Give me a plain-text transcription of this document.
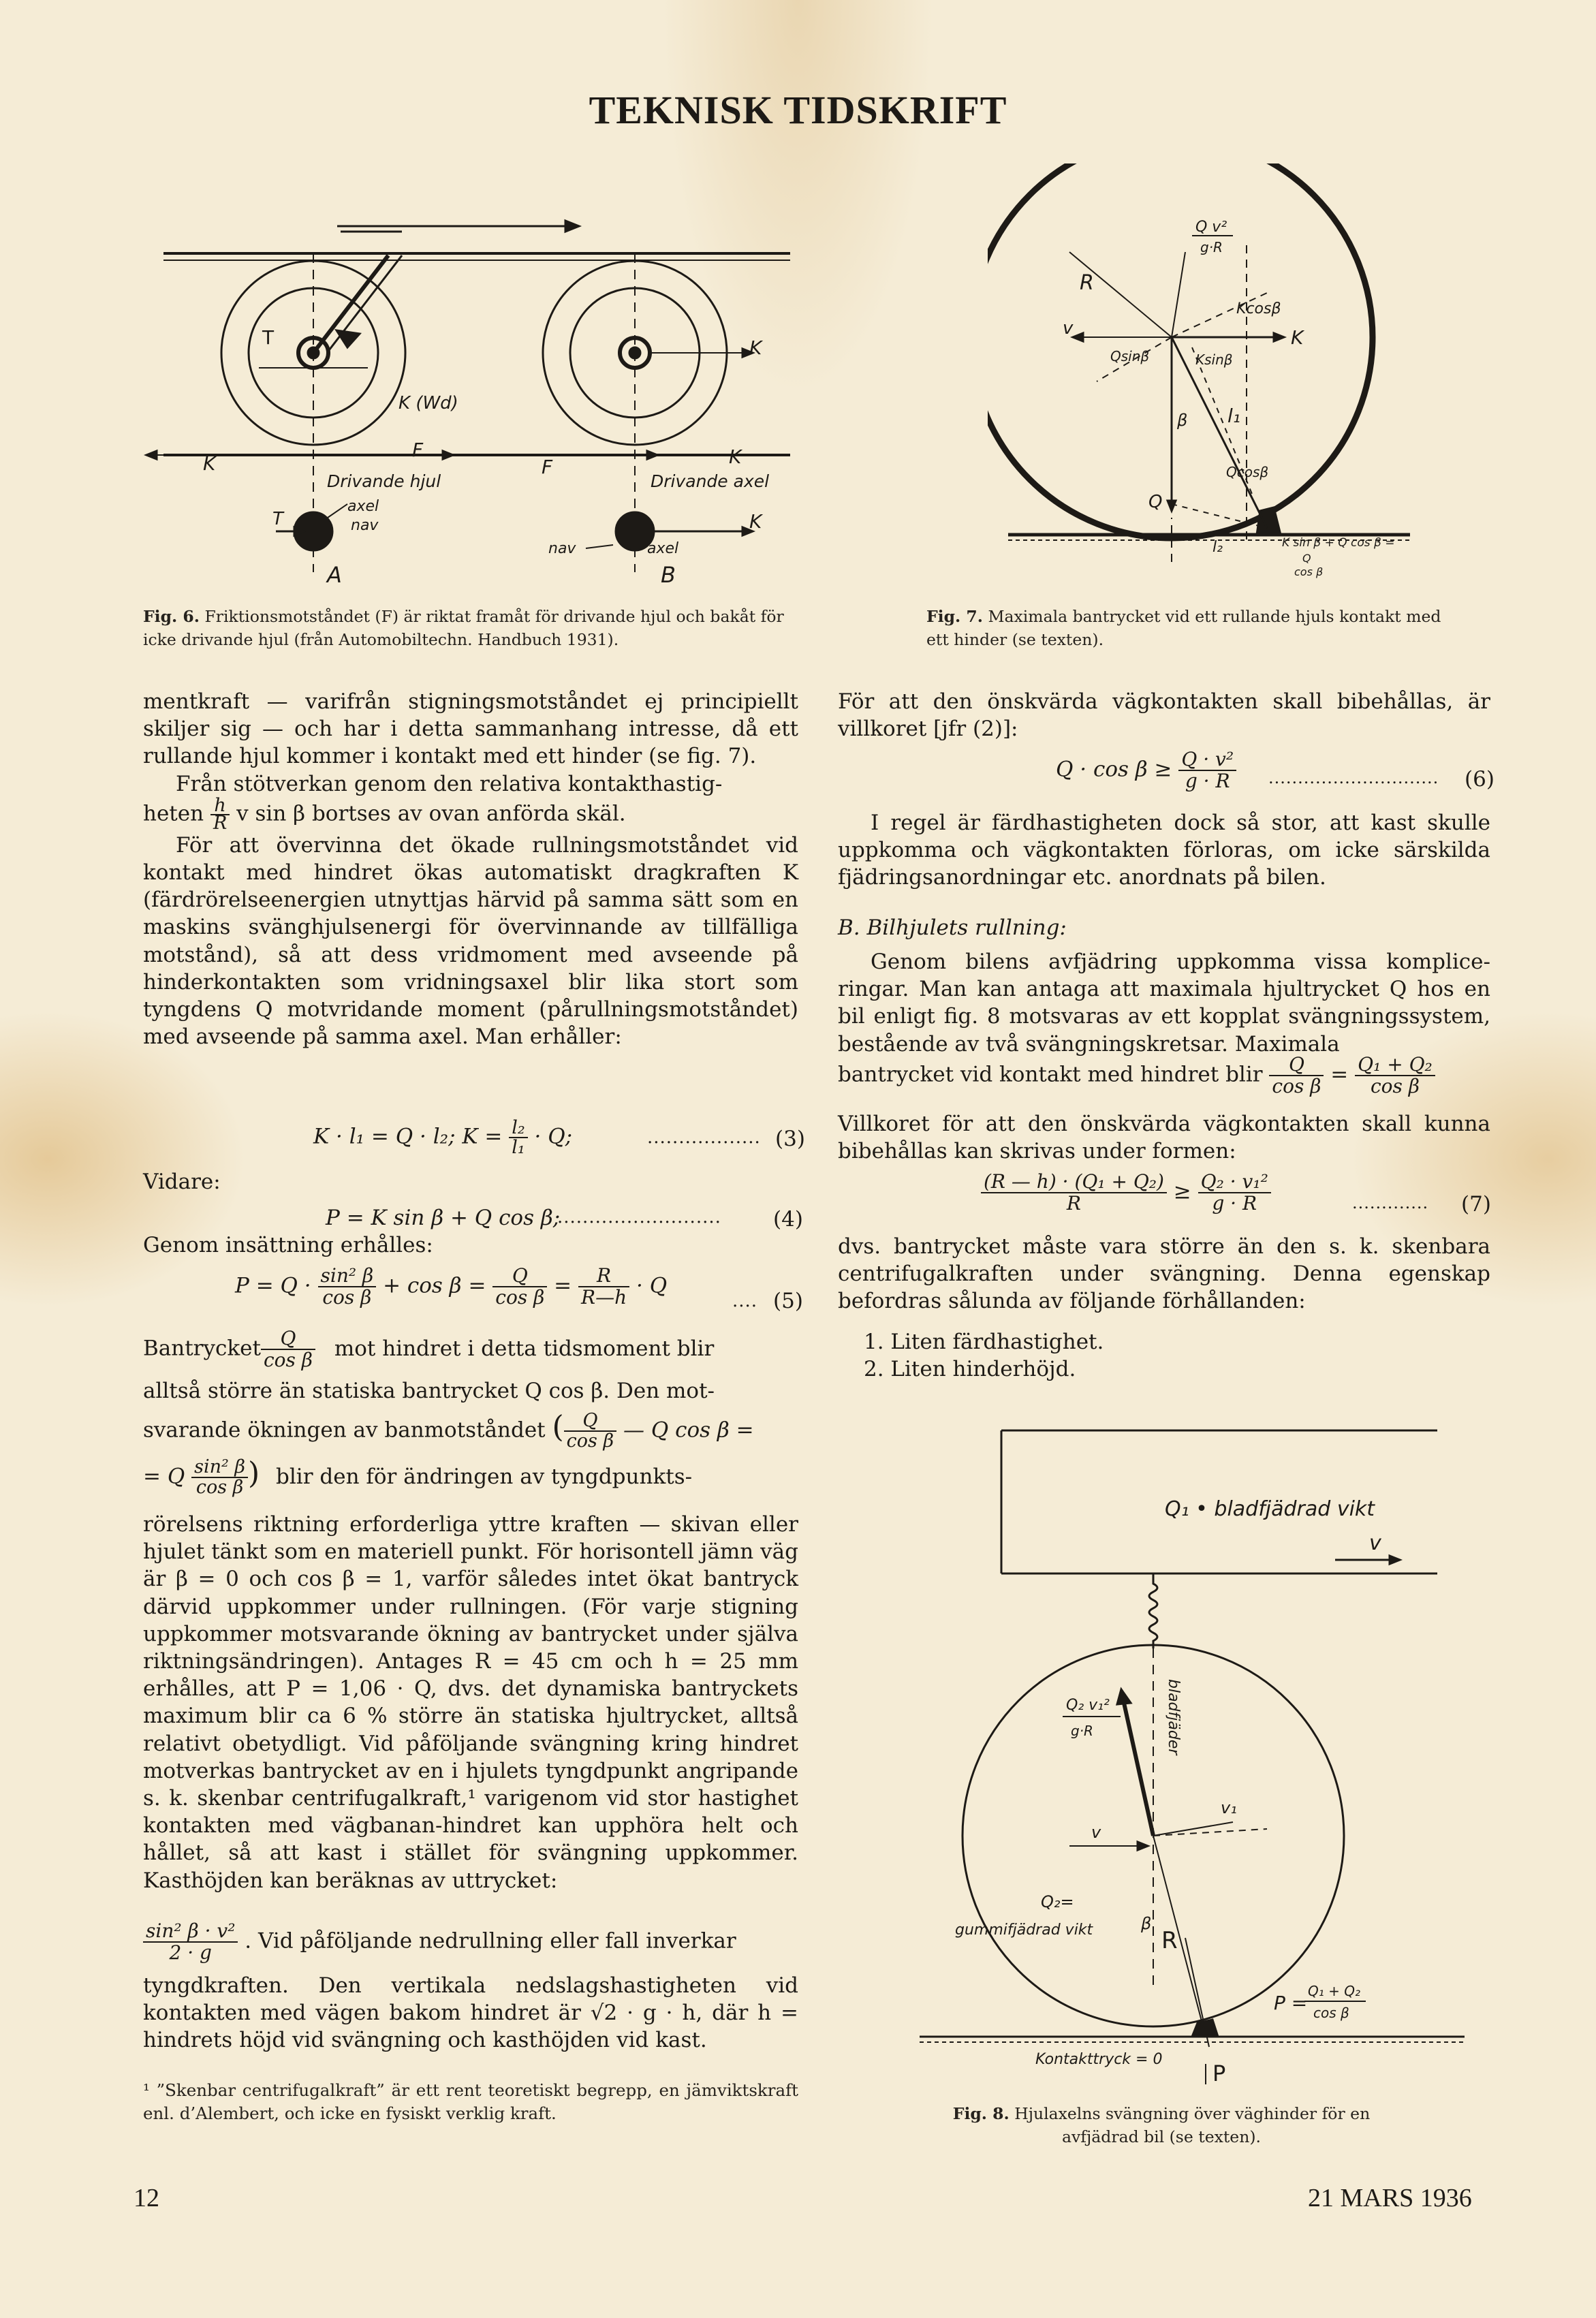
TEKNISK TIDSKRIFT
T
K (Wd)
K
K
F
F	K
Drivande hjul	Drivande axel
axel
nav
T
nav	axel
K
A	B
Fig. 6. Friktionsmotståndet (F) är riktat framåt för drivande hjul och bakåt för icke drivande hjul (från Automobiltechn. Handbuch 1931).
Q v²
g·R
R
v
Kcosβ
K
Qsinβ	Ksinβ
β l₁
Qcosβ
Q
l₂	K sin β + Q cos β =
Q
cos β
Fig. 7. Maximala bantrycket vid ett rullande hjuls kontakt med ett hinder (se texten).

mentkraft — varifrån stigningsmotståndet ej principiellt skiljer sig — och har i detta sammanhang intresse, då ett rullande hjul kommer i kontakt med ett hinder (se fig. 7).

Från stötverkan genom den relativa kontakthastig-

heten $\frac{h}{R}$ v sin β bortses av ovan anförda skäl.

För att övervinna det ökade rullningsmotståndet vid kontakt med hindret ökas automatiskt dragkraften K (färdrörelseenergien utnyttjas härvid på samma sätt som en maskins svänghjulsenergi för övervinnande av tillfälliga motstånd), så att dess vridmoment med avseende på hinderkontakten som vridningsaxel blir lika stort som tyngdens Q motvridande moment (pårullningsmotståndet) med avseende på samma axel. Man erhåller:

K · l₁ = Q · l₂; $K = \frac{\text{l₂}}{\text{l₁}} \cdot Q$;	.................. (3)
Vidare:
P = K sin β + Q cos β;
.......................... (4)
Genom insättning erhålles:
$P = Q \cdot \frac{\text{sin² β}}{\text{cos β}} + \cos \beta = \frac{Q}{\text{cos β}} = \frac{R}{R—h} \cdot Q$
.... (5)
Bantrycket $\frac{Q}{\text{cos β}}$ mot hindret i detta tidsmoment blir
alltså större än statiska bantrycket Q cos β. Den mot-
svarande ökningen av banmotståndet ( $\frac{Q}{\text{cos β}}$ — Q cos β =
= Q $\frac{\text{sin² β}}{\text{cos β}}$ ) blir den för ändringen av tyngdpunkts-
rörelsens riktning erforderliga yttre kraften — skivan eller hjulet tänkt som en materiell punkt. För horisontell jämn väg är β = 0 och cos β = 1, varför således intet ökat bantryck därvid uppkommer under rullningen. (För varje stigning uppkommer motsvarande ökning av bantrycket under själva riktningsändringen). Antages R = 45 cm och h = 25 mm erhålles, att P = 1,06 · Q, dvs. det dynamiska bantryckets maximum blir ca 6 % större än statiska hjultrycket, alltså relativt obetydligt. Vid påföljande svängning kring hindret motverkas bantrycket av en i hjulets tyngdpunkt angripande s. k. skenbar centrifugalkraft,¹ varigenom vid stor hastighet kontakten med vägbanan-hindret kan upphöra helt och hållet, så att kast i stället för svängning uppkommer. Kasthöjden kan beräknas av uttrycket:
$\frac{\text{sin² β · v²}}{2 \cdot g}$ . Vid påföljande nedrullning eller fall inverkar
tyngdkraften. Den vertikala nedslagshastigheten vid kontakten med vägen bakom hindret är √2 · g · h, där h = hindrets höjd vid svängning och kasthöjden vid kast.
¹ ”Skenbar centrifugalkraft” är ett rent teoretiskt begrepp, en jämviktskraft enl. d’Alembert, och icke en fysiskt verklig kraft.
För att den önskvärda vägkontakten skall bibehållas, är villkoret [jfr (2)]:
$Q \cdot \cos \beta \ge \frac{\text{Q · v²}}{g \cdot R}$ ............................. (6)
I regel är färdhastigheten dock så stor, att kast skulle uppkomma och vägkontakten förloras, om icke särskilda fjädringsanordningar etc. anordnats på bilen.
B. Bilhjulets rullning:
Genom bilens avfjädring uppkomma vissa kompliceringar. Man kan antaga att maximala hjultrycket Q hos en bil enligt fig. 8 motsvaras av ett kopplat svängningssystem, bestående av två svängningskretsar. Maximala
bantrycket vid kontakt med hindret blir $\frac{Q}{\text{cos β}} = \frac{\text{Q₁ + Q₂}}{\text{cos β}}$
Villkoret för att den önskvärda vägkontakten skall kunna bibehållas kan skrivas under formen:
$\frac{\text{(R — h) · (Q₁ + Q₂)}}{R} \ge \frac{\text{Q₂ · v₁²}}{g \cdot R}$	............. (7)
dvs. bantrycket måste vara större än den s. k. skenbara centrifugalkraften under svängning. Denna egenskap befordras sålunda av följande förhållanden:
1. Liten färdhastighet.
2. Liten hinderhöjd.
Q₁ • bladfjädrad vikt
v
Q₂ v₁²
g·R	bladfjäder
v₁
v
Q₂=
gummifjädrad vikt	β
R
P =
Q₁ + Q₂
cos β
Kontakttryck = 0
P
Fig. 8. Hjulaxelns svängning över väghinder för en avfjädrad bil (se texten).
12	21 MARS 1936
